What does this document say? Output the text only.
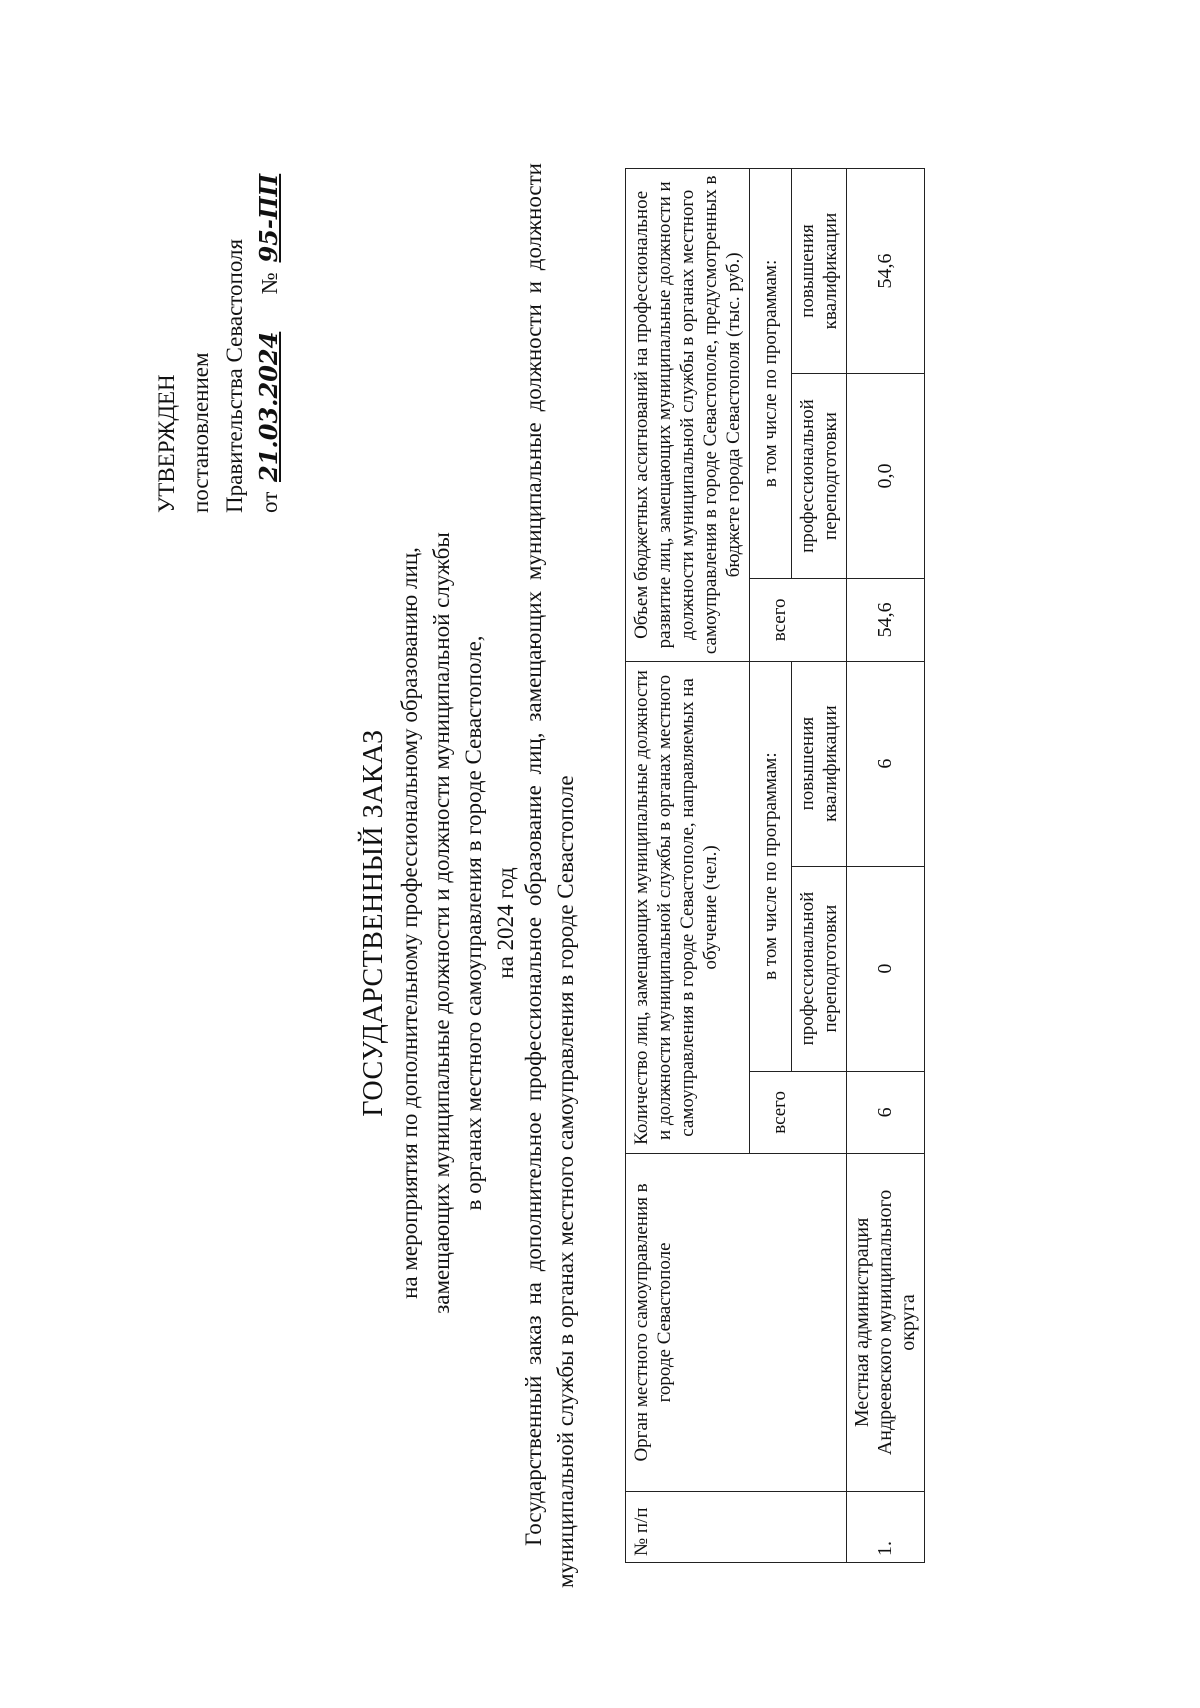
УТВЕРЖДЕН постановлением Правительства Севастополя от 21.03.2024  № 95-ПП
ГОСУДАРСТВЕННЫЙ ЗАКАЗ на мероприятия по дополнительному профессиональному образованию лиц, замещающих муниципальные должности и должности муниципальной службы в органах местного самоуправления в городе Севастополе, на 2024 год Государственный заказ на дополнительное профессиональное образование лиц, замещающих муниципальные должности и должности муниципальной службы в органах местного самоуправления в городе Севастополе	№ п/п	Орган местного самоуправления в городе Севастополе	Количество лиц, замещающих муниципальные должности и должности муниципальной службы в органах местного самоуправления в городе Севастополе, направляемых на обучение (чел.)			Объем бюджетных ассигнований на профессиональное развитие лиц, замещающих муниципальные должности и должности муниципальной службы в органах местного самоуправления в городе Севастополе, предусмотренных в бюджете города Севастополя (тыс. руб.)		
		всего	в том числе по программам:		всего	в том числе по программам:	
			профессиональной переподготовки	повышения квалификации		профессиональной переподготовки	повышения квалификации
1.	Местная администрация Андреевского муниципального округа	6	0	6	54,6	0,0	54,6
